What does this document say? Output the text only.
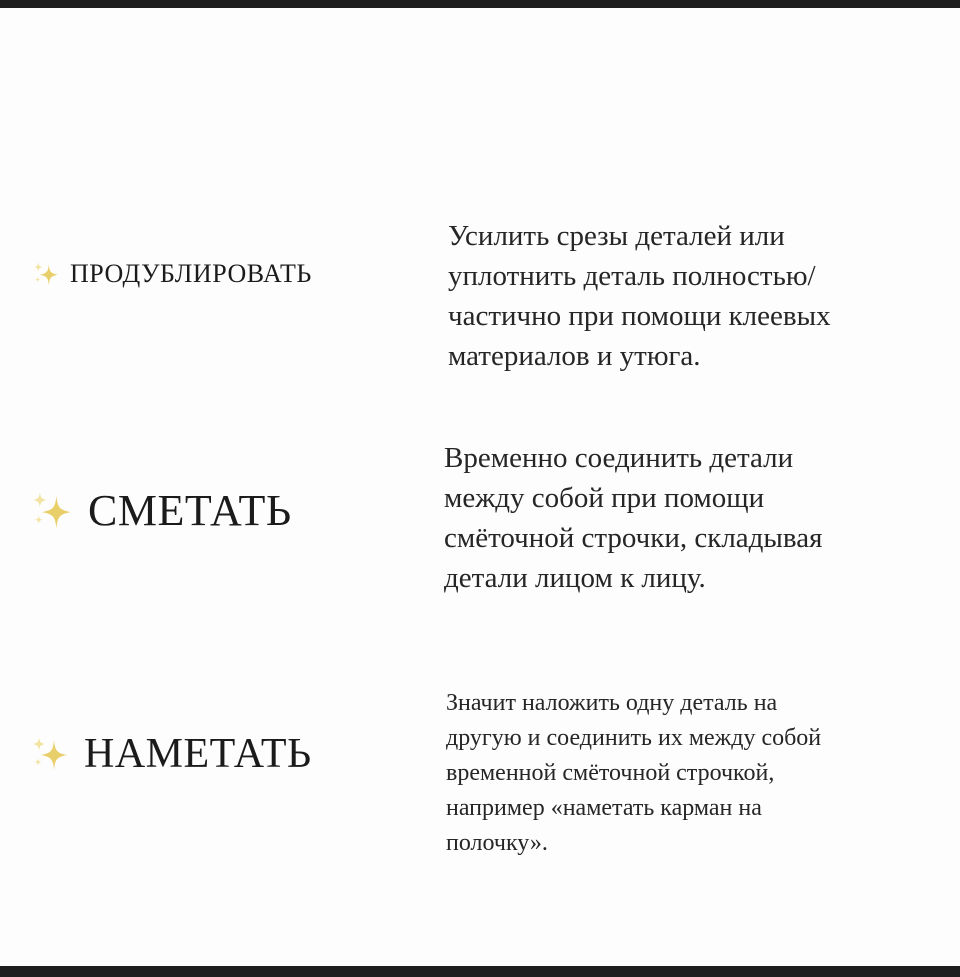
ПРОДУБЛИРОВАТЬ

Усилить срезы деталей или
уплотнить деталь полностью/
частично при помощи клеевых
материалов и утюга.

СМЕТАТЬ

Временно соединить детали
между собой при помощи
смёточной строчки, складывая
детали лицом к лицу.

НАМЕТАТЬ

Значит наложить одну деталь на
другую и соединить их между собой
временной смёточной строчкой,
например «наметать карман на
полочку».
